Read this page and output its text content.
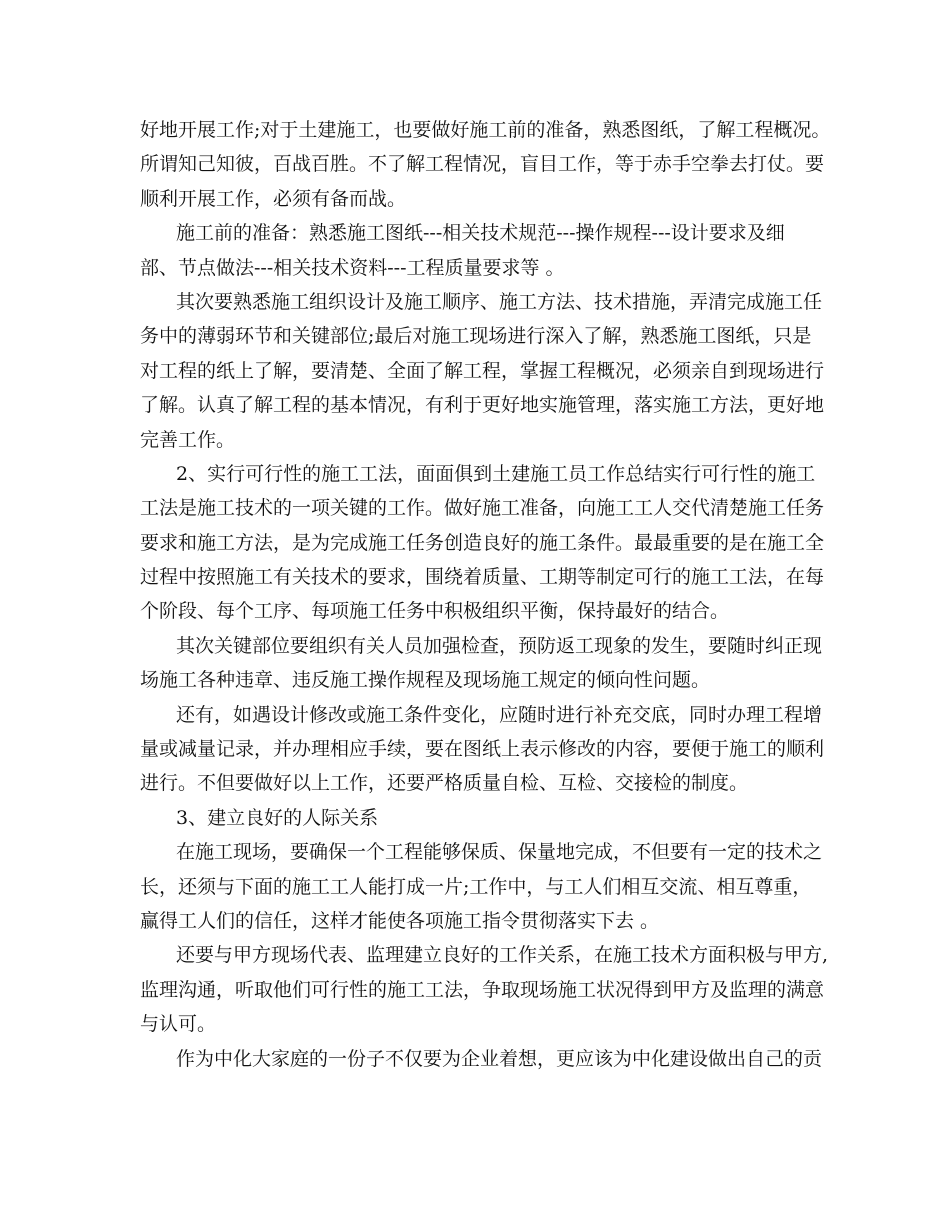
好地开展工作;对于土建施工，也要做好施工前的准备，熟悉图纸，了解工程概况。
所谓知己知彼，百战百胜。不了解工程情况，盲目工作，等于赤手空拳去打仗。要
顺利开展工作，必须有备而战。
施工前的准备：熟悉施工图纸---相关技术规范---操作规程---设计要求及细
部、节点做法---相关技术资料---工程质量要求等 。
其次要熟悉施工组织设计及施工顺序、施工方法、技术措施，弄清完成施工任
务中的薄弱环节和关键部位;最后对施工现场进行深入了解，熟悉施工图纸，只是
对工程的纸上了解，要清楚、全面了解工程，掌握工程概况，必须亲自到现场进行
了解。认真了解工程的基本情况，有利于更好地实施管理，落实施工方法，更好地
完善工作。
2、实行可行性的施工工法，面面俱到土建施工员工作总结实行可行性的施工
工法是施工技术的一项关键的工作。做好施工准备，向施工工人交代清楚施工任务
要求和施工方法，是为完成施工任务创造良好的施工条件。最最重要的是在施工全
过程中按照施工有关技术的要求，围绕着质量、工期等制定可行的施工工法，在每
个阶段、每个工序、每项施工任务中积极组织平衡，保持最好的结合。
其次关键部位要组织有关人员加强检查，预防返工现象的发生，要随时纠正现
场施工各种违章、违反施工操作规程及现场施工规定的倾向性问题。
还有，如遇设计修改或施工条件变化，应随时进行补充交底，同时办理工程增
量或减量记录，并办理相应手续，要在图纸上表示修改的内容，要便于施工的顺利
进行。不但要做好以上工作，还要严格质量自检、互检、交接检的制度。
3、建立良好的人际关系
在施工现场，要确保一个工程能够保质、保量地完成，不但要有一定的技术之
长，还须与下面的施工工人能打成一片;工作中，与工人们相互交流、相互尊重，
赢得工人们的信任，这样才能使各项施工指令贯彻落实下去 。
还要与甲方现场代表、监理建立良好的工作关系，在施工技术方面积极与甲方,
监理沟通，听取他们可行性的施工工法，争取现场施工状况得到甲方及监理的满意
与认可。
作为中化大家庭的一份子不仅要为企业着想，更应该为中化建设做出自己的贡
